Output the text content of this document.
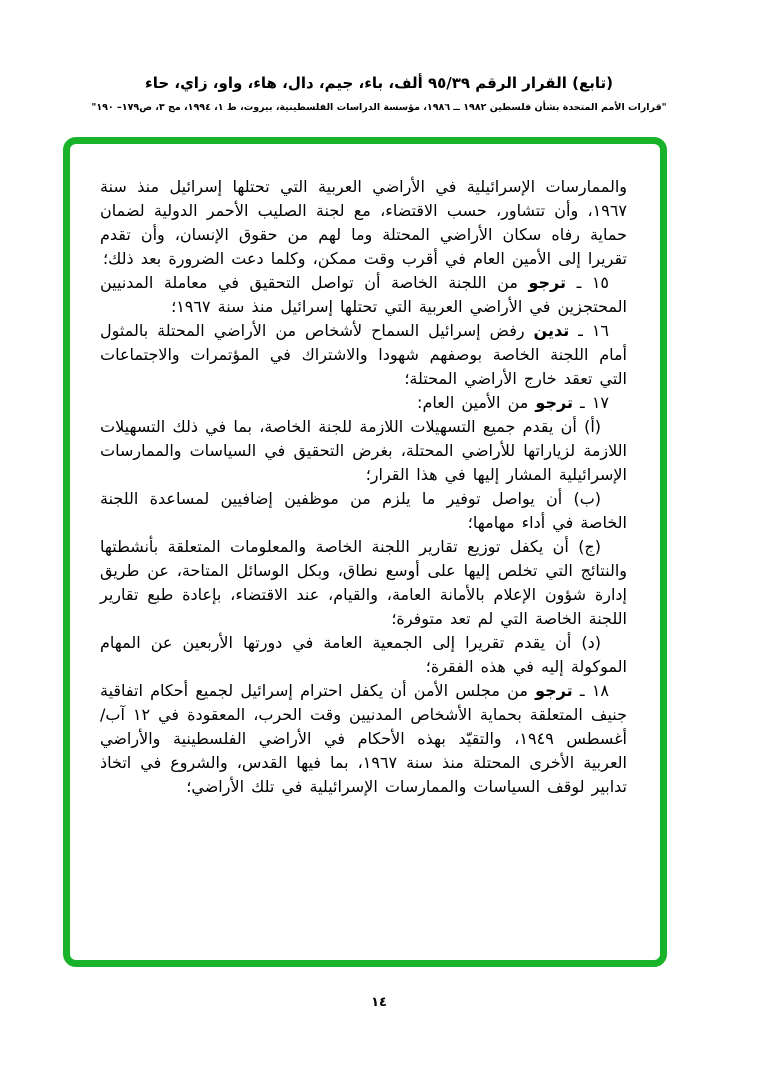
(تابع) القرار الرقم ٩٥/٣٩ ألف، باء، جيم، دال، هاء، واو، زاي، حاء
"قرارات الأمم المتحدة بشأن فلسطين ١٩٨٢ ــ ١٩٨٦، مؤسسة الدراسات الفلسطينية، بيروت، ط ١، ١٩٩٤، مج ٣، ص١٧٩– ١٩٠"

والممارسات الإسرائيلية في الأراضي العربية التي تحتلها إسرائيل منذ سنة ١٩٦٧، وأن تتشاور، حسب الاقتضاء، مع لجنة الصليب الأحمر الدولية لضمان حماية رفاه سكان الأراضي المحتلة وما لهم من حقوق الإنسان، وأن تقدم تقريرا إلى الأمين العام في أقرب وقت ممكن، وكلما دعت الضرورة بعد ذلك؛

١٥ ـ ترجو من اللجنة الخاصة أن تواصل التحقيق في معاملة المدنيين المحتجزين في الأراضي العربية التي تحتلها إسرائيل منذ سنة ١٩٦٧؛

١٦ ـ تدين رفض إسرائيل السماح لأشخاص من الأراضي المحتلة بالمثول أمام اللجنة الخاصة بوصفهم شهودا والاشتراك في المؤتمرات والاجتماعات التي تعقد خارج الأراضي المحتلة؛

١٧ ـ ترجو من الأمين العام:

(أ) أن يقدم جميع التسهيلات اللازمة للجنة الخاصة، بما في ذلك التسهيلات اللازمة لزياراتها للأراضي المحتلة، بغرض التحقيق في السياسات والممارسات الإسرائيلية المشار إليها في هذا القرار؛

(ب) أن يواصل توفير ما يلزم من موظفين إضافيين لمساعدة اللجنة الخاصة في أداء مهامها؛

(ج) أن يكفل توزيع تقارير اللجنة الخاصة والمعلومات المتعلقة بأنشطتها والنتائج التي تخلص إليها على أوسع نطاق، وبكل الوسائل المتاحة، عن طريق إدارة شؤون الإعلام بالأمانة العامة، والقيام، عند الاقتضاء، بإعادة طبع تقارير اللجنة الخاصة التي لم تعد متوفرة؛

(د) أن يقدم تقريرا إلى الجمعية العامة في دورتها الأربعين عن المهام الموكولة إليه في هذه الفقرة؛

١٨ ـ ترجو من مجلس الأمن أن يكفل احترام إسرائيل لجميع أحكام اتفاقية جنيف المتعلقة بحماية الأشخاص المدنيين وقت الحرب، المعقودة في ١٢ آب/أغسطس ١٩٤٩، والتقيّد بهذه الأحكام في الأراضي الفلسطينية والأراضي العربية الأخرى المحتلة منذ سنة ١٩٦٧، بما فيها القدس، والشروع في اتخاذ تدابير لوقف السياسات والممارسات الإسرائيلية في تلك الأراضي؛

١٤
